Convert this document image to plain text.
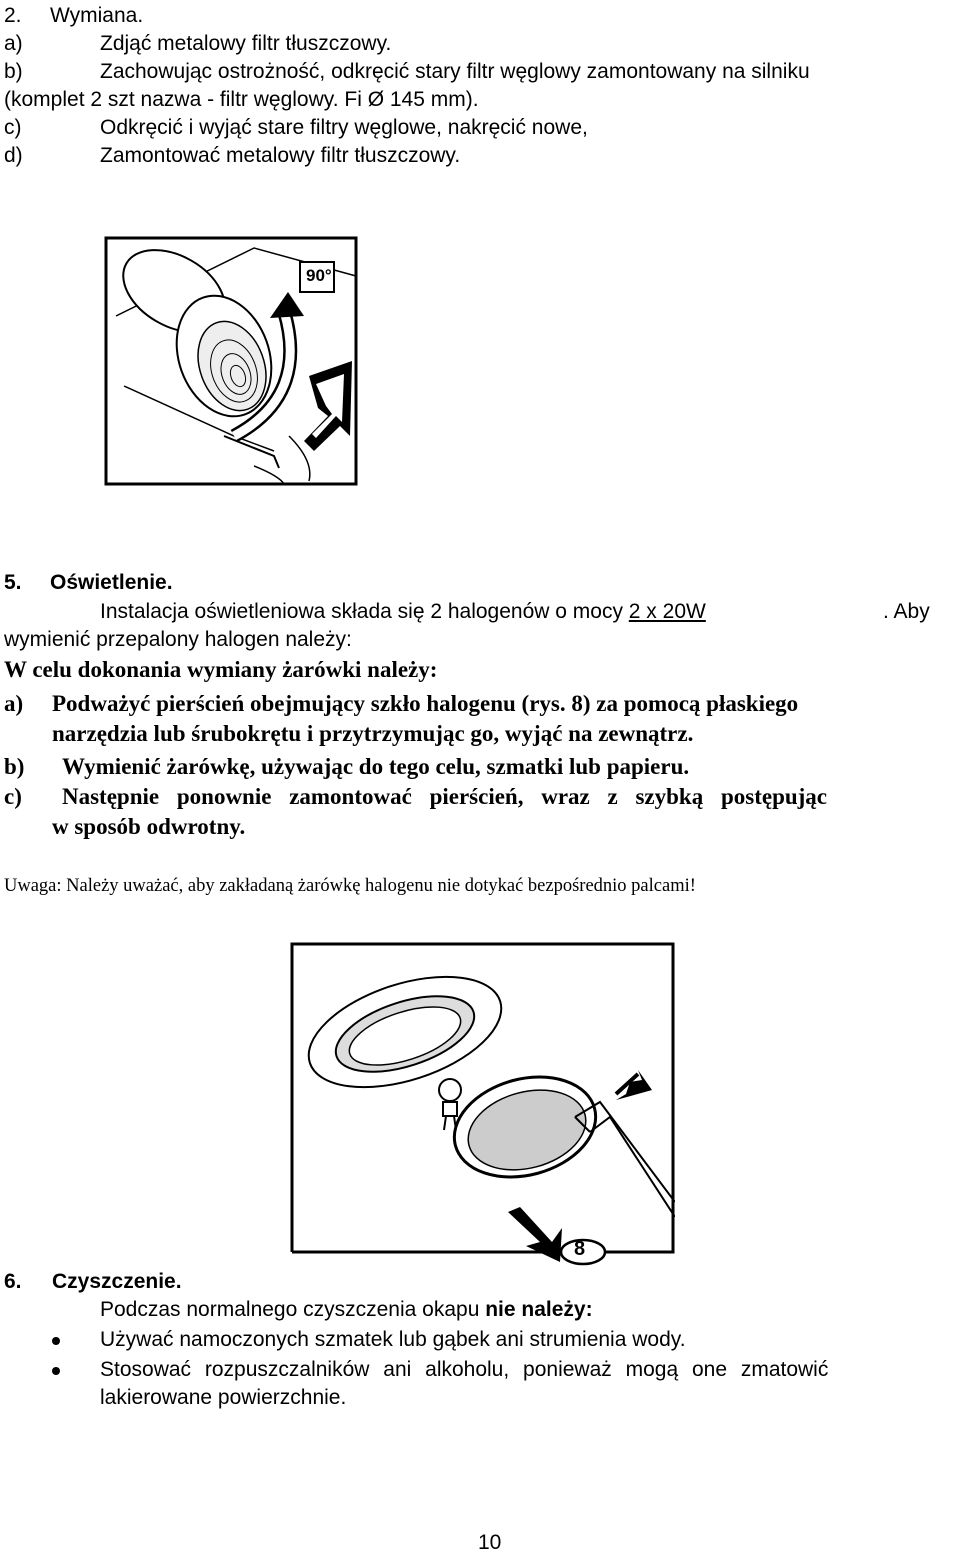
2. Wymiana.
a)	Zdjąć metalowy filtr tłuszczowy.
b)	Zachowując ostrożność, odkręcić stary filtr węglowy zamontowany na silniku
(komplet 2 szt nazwa - filtr węglowy. Fi Ø 145 mm).
c)	Odkręcić i wyjąć stare filtry węglowe, nakręcić nowe,
d)	Zamontować metalowy filtr tłuszczowy.
90°
5. Oświetlenie.
Instalacja oświetleniowa składa się 2 halogenów o mocy 2 x 20W	. Aby
wymienić przepalony halogen należy:
W celu dokonania wymiany żarówki należy:
a) Podważyć pierścień obejmujący szkło halogenu (rys. 8) za pomocą płaskiego
narzędzia lub śrubokrętu i przytrzymując go, wyjąć na zewnątrz.
b) Wymienić żarówkę, używając do tego celu, szmatki lub papieru.
c) Następnie ponownie zamontować pierścień, wraz z szybką postępując
w sposób odwrotny.
Uwaga: Należy uważać, aby zakładaną żarówkę halogenu nie dotykać bezpośrednio palcami!
8
6. Czyszczenie.
Podczas normalnego czyszczenia okapu nie należy:
Używać namoczonych szmatek lub gąbek ani strumienia wody.
Stosować rozpuszczalników ani alkoholu, ponieważ mogą one zmatowić
lakierowane powierzchnie.
10
